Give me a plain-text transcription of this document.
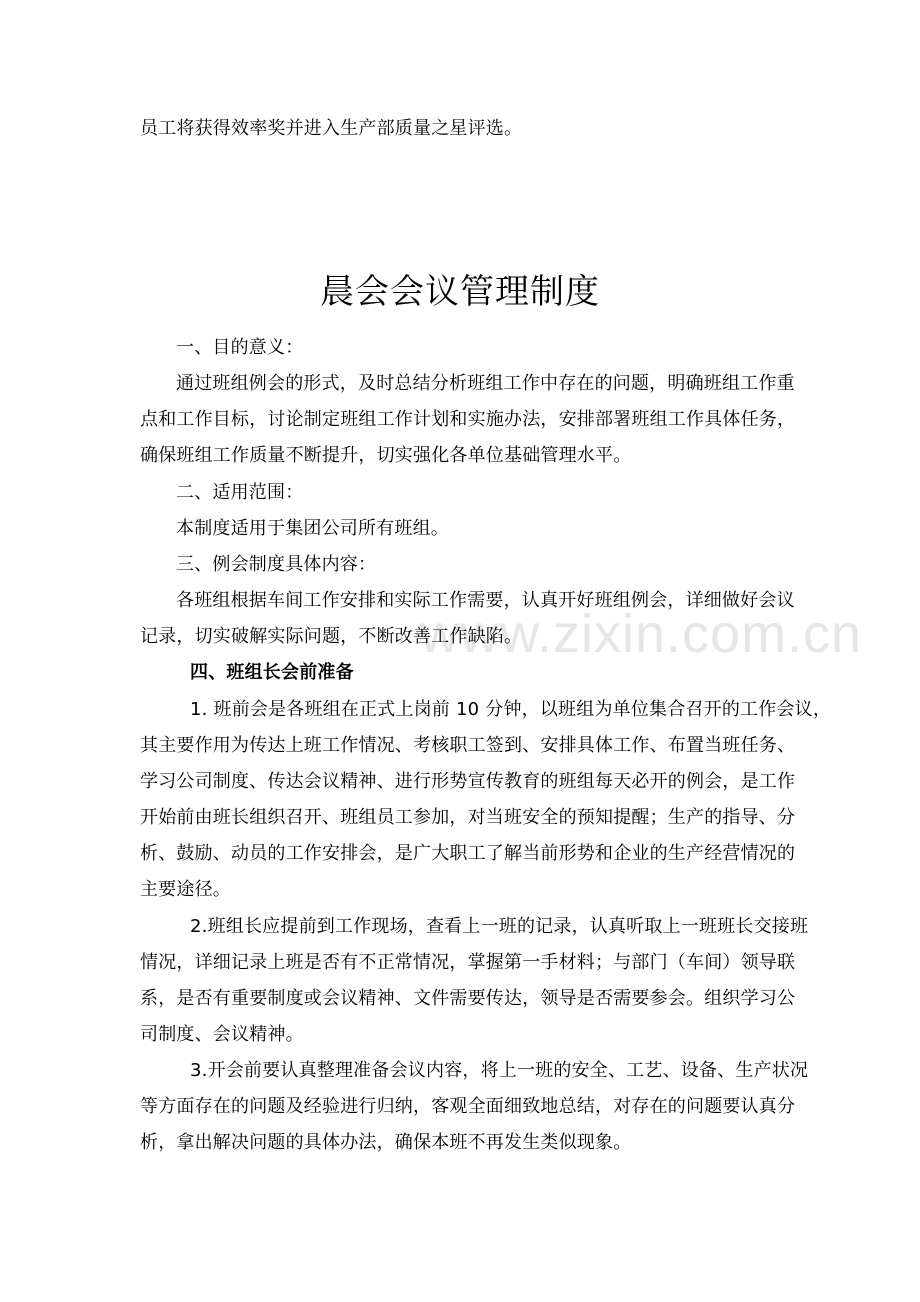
www.zixin.com.cn
员工将获得效率奖并进入生产部质量之星评选。
晨会会议管理制度
一、目的意义：
通过班组例会的形式，及时总结分析班组工作中存在的问题，明确班组工作重
点和工作目标，讨论制定班组工作计划和实施办法，安排部署班组工作具体任务，
确保班组工作质量不断提升，切实强化各单位基础管理水平。
二、适用范围：
本制度适用于集团公司所有班组。
三、例会制度具体内容：
各班组根据车间工作安排和实际工作需要，认真开好班组例会，详细做好会议
记录，切实破解实际问题，不断改善工作缺陷。
四、班组长会前准备
1. 班前会是各班组在正式上岗前 10 分钟，以班组为单位集合召开的工作会议，
其主要作用为传达上班工作情况、考核职工签到、安排具体工作、布置当班任务、
学习公司制度、传达会议精神、进行形势宣传教育的班组每天必开的例会，是工作
开始前由班长组织召开、班组员工参加，对当班安全的预知提醒；生产的指导、分
析、鼓励、动员的工作安排会，是广大职工了解当前形势和企业的生产经营情况的
主要途径。
2.班组长应提前到工作现场，查看上一班的记录，认真听取上一班班长交接班
情况，详细记录上班是否有不正常情况，掌握第一手材料；与部门（车间）领导联
系，是否有重要制度或会议精神、文件需要传达，领导是否需要参会。组织学习公
司制度、会议精神。
3.开会前要认真整理准备会议内容，将上一班的安全、工艺、设备、生产状况
等方面存在的问题及经验进行归纳，客观全面细致地总结，对存在的问题要认真分
析，拿出解决问题的具体办法，确保本班不再发生类似现象。
